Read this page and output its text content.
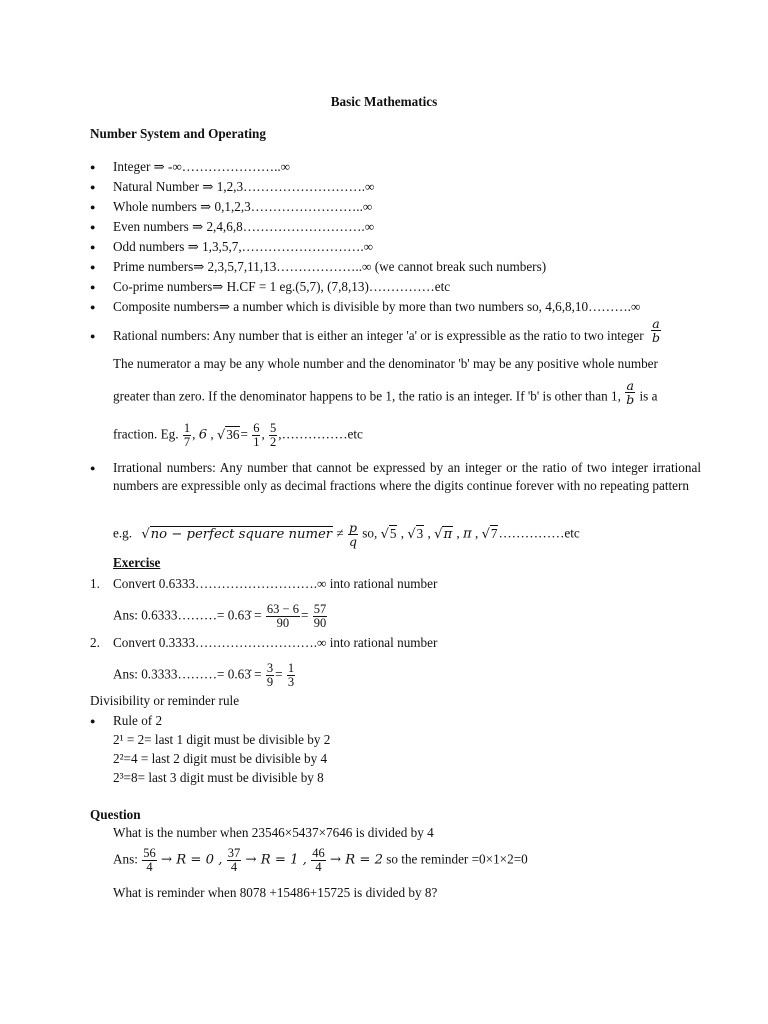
Basic Mathematics
Number System and Operating
● Integer ⇒ -∞…………………..∞
● Natural Number ⇒ 1,2,3……………………….∞
● Whole numbers ⇒ 0,1,2,3……………………..∞
● Even numbers ⇒ 2,4,6,8……………………….∞
● Odd numbers ⇒ 1,3,5,7,……………………….∞
● Prime numbers⇒ 2,3,5,7,11,13………………..∞ (we cannot break such numbers)
● Co-prime numbers⇒ H.CF = 1 eg.(5,7), (7,8,13)……………etc
● Composite numbers⇒ a number which is divisible by more than two numbers so, 4,6,8,10……….∞
● Rational numbers: Any number that is either an integer 'a' or is expressible as the ratio to two integer $\frac{a}{b}$
The numerator a may be any whole number and the denominator 'b' may be any positive whole number
greater than zero. If the denominator happens to be 1, the ratio is an integer. If 'b' is other than 1, $\frac{a}{b}$ is a
fraction. Eg. $\frac{1}{7}$ , 6 , $√36= \frac{6}{1}$ , $\frac{5}{2}$ ,……………etc
● Irrational numbers: Any number that cannot be expressed by an integer or the ratio of two integer irrational numbers are expressible only as decimal fractions where the digits continue forever with no repeating pattern
e.g. √no − perfect square numer ≠ $\frac{p}{q}$ so, √5 , √3 , √π , π , √7……………etc
Exercise
1. Convert 0.6333……………………….∞ into rational number
Ans: 0.6333………= 0.63̇ = $\frac{63 - 6}{90} = \frac{57}{90}$
2. Convert 0.3333……………………….∞ into rational number
Ans: 0.3333………= 0.63̇ = $\frac{3}{9} = \frac{1}{3}$
Divisibility or reminder rule
● Rule of 2
2¹ = 2= last 1 digit must be divisible by 2
2²=4 = last 2 digit must be divisible by 4
2³=8= last 3 digit must be divisible by 8
Question
What is the number when 23546×5437×7646 is divided by 4
Ans: $\frac{56}{4} \to R = 0$ , $\frac{37}{4} \to R = 1$ , $\frac{46}{4} \to R = 2$ so the reminder =0×1×2=0
What is reminder when 8078 +15486+15725 is divided by 8?
